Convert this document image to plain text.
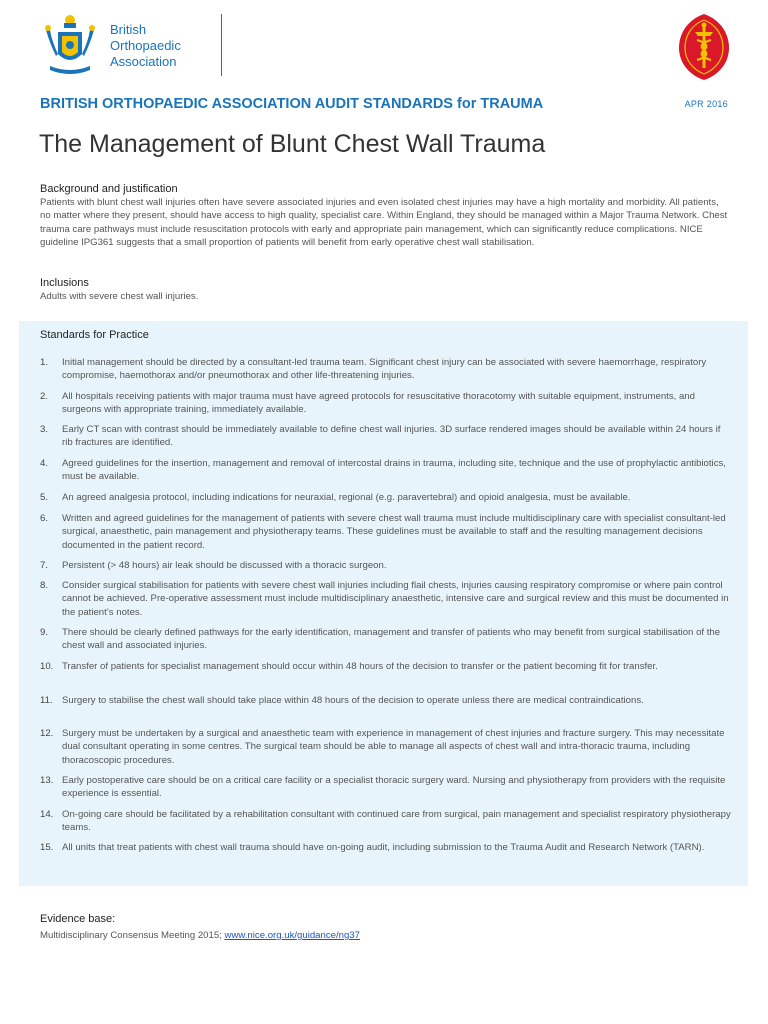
British
Orthopaedic
Association
BRITISH ORTHOPAEDIC ASSOCIATION AUDIT STANDARDS for TRAUMA	APR 2016
The Management of Blunt Chest Wall Trauma
Background and justification
Patients with blunt chest wall injuries often have severe associated injuries and even isolated chest injuries may have a high mortality and morbidity. All patients, no matter where they present, should have access to high quality, specialist care. Within England, they should be managed within a Major Trauma Network. Chest trauma care pathways must include resuscitation protocols with early and appropriate pain management, which can significantly reduce complications. NICE guideline IPG361 suggests that a small proportion of patients will benefit from early operative chest wall stabilisation.
Inclusions
Adults with severe chest wall injuries.
Standards for Practice
1. Initial management should be directed by a consultant-led trauma team. Significant chest injury can be associated with severe haemorrhage, respiratory compromise, haemothorax and/or pneumothorax and other life-threatening injuries.
2. All hospitals receiving patients with major trauma must have agreed protocols for resuscitative thoracotomy with suitable equipment, instruments, and surgeons with appropriate training, immediately available.
3. Early CT scan with contrast should be immediately available to define chest wall injuries. 3D surface rendered images should be available within 24 hours if rib fractures are identified.
4. Agreed guidelines for the insertion, management and removal of intercostal drains in trauma, including site, technique and the use of prophylactic antibiotics, must be available.
5. An agreed analgesia protocol, including indications for neuraxial, regional (e.g. paravertebral) and opioid analgesia, must be available.
6. Written and agreed guidelines for the management of patients with severe chest wall trauma must include multidisciplinary care with specialist consultant-led surgical, anaesthetic, pain management and physiotherapy teams. These guidelines must be available to staff and the resulting management decisions documented in the patient record.
7. Persistent (> 48 hours) air leak should be discussed with a thoracic surgeon.
8. Consider surgical stabilisation for patients with severe chest wall injuries including flail chests, injuries causing respiratory compromise or where pain control cannot be achieved. Pre-operative assessment must include multidisciplinary anaesthetic, intensive care and surgical review and this must be documented in the patient’s notes.
9. There should be clearly defined pathways for the early identification, management and transfer of patients who may benefit from surgical stabilisation of the chest wall and associated injuries.
10. Transfer of patients for specialist management should occur within 48 hours of the decision to transfer or the patient becoming fit for transfer.
11. Surgery to stabilise the chest wall should take place within 48 hours of the decision to operate unless there are medical contraindications.
12. Surgery must be undertaken by a surgical and anaesthetic team with experience in management of chest injuries and fracture surgery. This may necessitate dual consultant operating in some centres. The surgical team should be able to manage all aspects of chest wall and intra-thoracic trauma, including thoracoscopic procedures.
13. Early postoperative care should be on a critical care facility or a specialist thoracic surgery ward. Nursing and physiotherapy from providers with the requisite experience is essential.
14. On-going care should be facilitated by a rehabilitation consultant with continued care from surgical, pain management and specialist respiratory physiotherapy teams.
15. All units that treat patients with chest wall trauma should have on-going audit, including submission to the Trauma Audit and Research Network (TARN).
Evidence base:
Multidisciplinary Consensus Meeting 2015; www.nice.org.uk/guidance/ng37
